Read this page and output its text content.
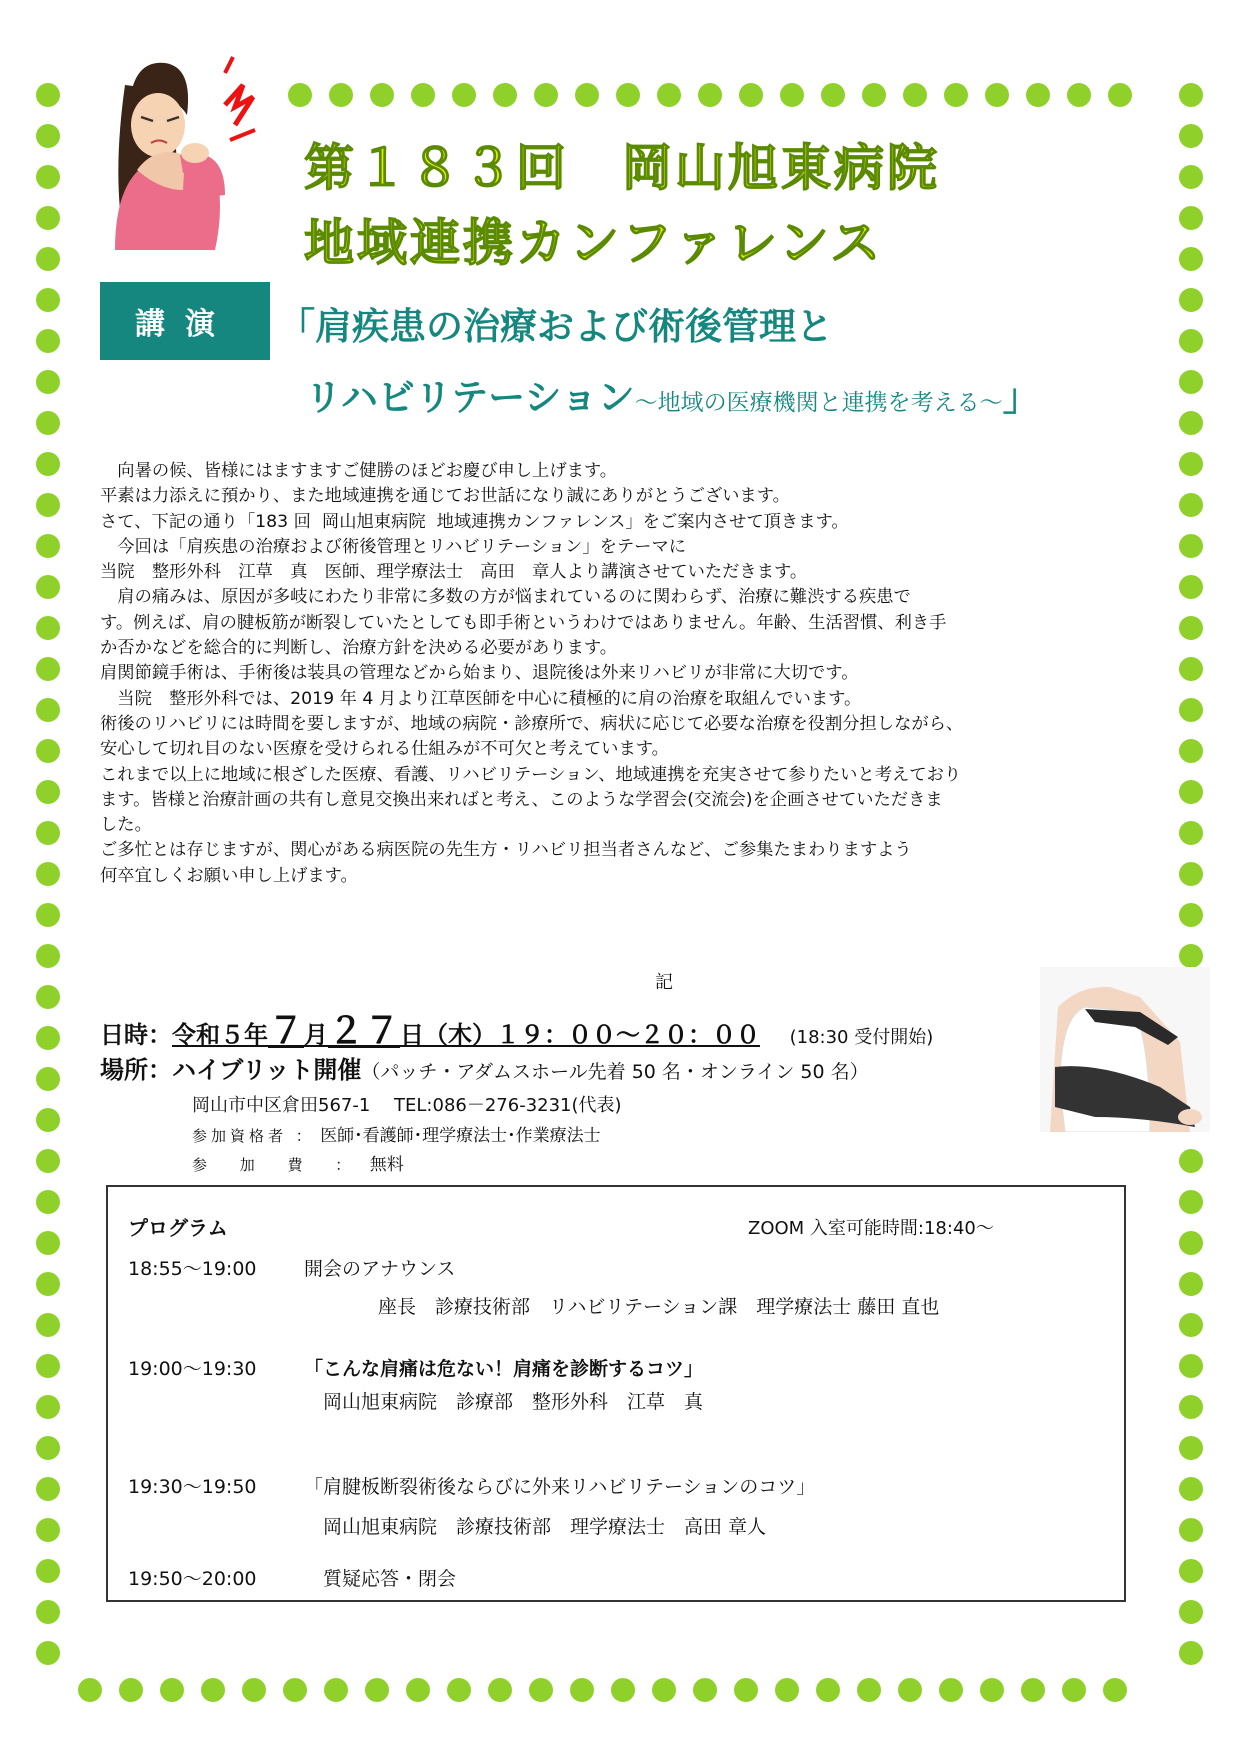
第１８３回　岡山旭東病院
地域連携カンファレンス
講演	「肩疾患の治療および術後管理と
リハビリテーション～地域の医療機関と連携を考える～」
　向暑の候、皆様にはますますご健勝のほどお慶び申し上げます。
平素は力添えに預かり、また地域連携を通じてお世話になり誠にありがとうございます。
さて、下記の通り「183 回  岡山旭東病院  地域連携カンファレンス」をご案内させて頂きます。
　今回は「肩疾患の治療および術後管理とリハビリテーション」をテーマに
当院　整形外科　江草　真　医師、理学療法士　高田　章人より講演させていただきます。
　肩の痛みは、原因が多岐にわたり非常に多数の方が悩まれているのに関わらず、治療に難渋する疾患で
す。例えば、肩の腱板筋が断裂していたとしても即手術というわけではありません。年齢、生活習慣、利き手
か否かなどを総合的に判断し、治療方針を決める必要があります。
肩関節鏡手術は、手術後は装具の管理などから始まり、退院後は外来リハビリが非常に大切です。
　当院　整形外科では、2019 年 4 月より江草医師を中心に積極的に肩の治療を取組んでいます。
術後のリハビリには時間を要しますが、地域の病院・診療所で、病状に応じて必要な治療を役割分担しながら、
安心して切れ目のない医療を受けられる仕組みが不可欠と考えています。
これまで以上に地域に根ざした医療、看護、リハビリテーション、地域連携を充実させて参りたいと考えており
ます。皆様と治療計画の共有し意見交換出来ればと考え、このような学習会(交流会)を企画させていただきま
した。
ご多忙とは存じますが、関心がある病医院の先生方・リハビリ担当者さんなど、ご参集たまわりますよう
何卒宜しくお願い申し上げます。
記
日時：令和５年７月２７日（木）１９：００～２０：００ (18:30 受付開始)
場所：ハイブリット開催（パッチ・アダムスホール先着 50 名・オンライン 50 名）
岡山市中区倉田567-1　 TEL:086－276-3231(代表)
参加資格者 ： 医師･看護師･理学療法士･作業療法士
参 加 費 ： 無料
プログラム	ZOOM 入室可能時間:18:40～
18:55～19:00 開会のアナウンス
座長　診療技術部　リハビリテーション課　理学療法士 藤田 直也
19:00～19:30 「こんな肩痛は危ない！肩痛を診断するコツ」
岡山旭東病院　診療部　整形外科　江草　真
19:30～19:50 「肩腱板断裂術後ならびに外来リハビリテーションのコツ」
岡山旭東病院　診療技術部　理学療法士　高田 章人
19:50～20:00	質疑応答・閉会
